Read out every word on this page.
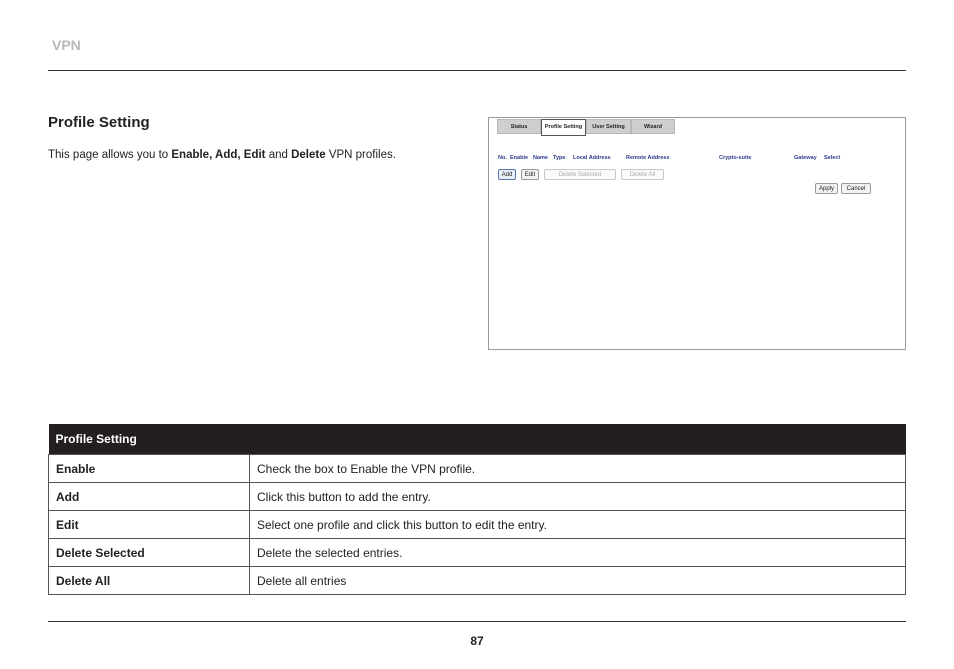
VPN
Profile Setting
This page allows you to Enable, Add, Edit and Delete VPN profiles.
Status	Profile Setting	User Setting	Wizard
No. Enable Name Type Local Address	Remote Address	Crypto-suite	Gateway Select
Add	Edit	Delete Selected	Delete All
Apply	Cancel
Profile Setting	
Enable	Check the box to Enable the VPN profile.
Add	Click this button to add the entry.
Edit	Select one profile and click this button to edit the entry.
Delete Selected	Delete the selected entries.
Delete All	Delete all entries
87
